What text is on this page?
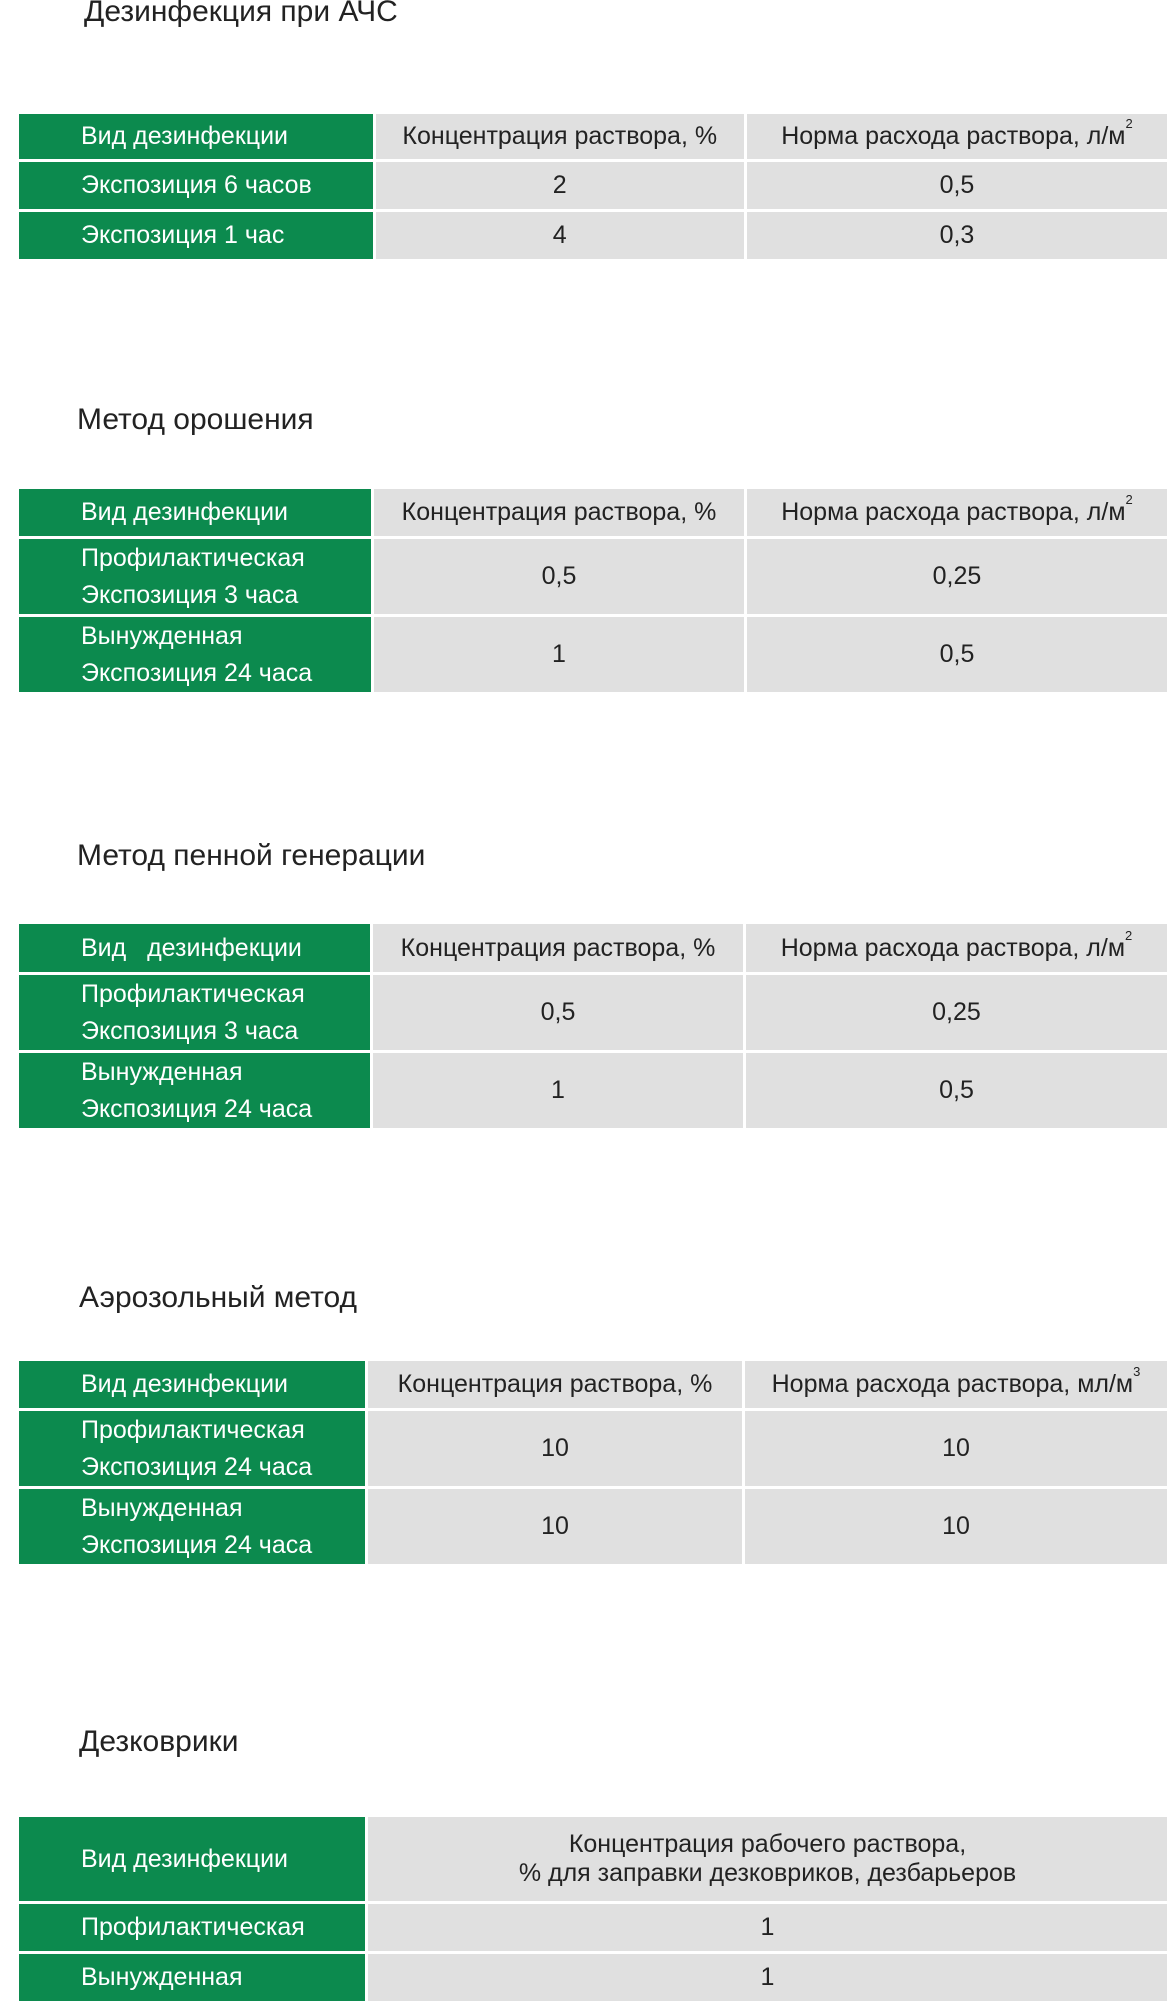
Дезинфекция при АЧС
Вид дезинфекции	Концентрация раствора, %	Норма расхода раствора, $л/м^2$
Экспозиция 6 часов	2	0,5
Экспозиция 1 час	4	0,3
Метод орошения
Вид дезинфекции	Концентрация раствора, %	Норма расхода раствора, $л/м^2$

Профилактическая
Экспозиция 3 часа	0,5	0,25

Вынужденная
Экспозиция 24 часа	1	0,5
Метод пенной генерации
Вид   дезинфекции	Концентрация раствора, %	Норма расхода раствора, $л/м^2$

Профилактическая
Экспозиция 3 часа	0,5	0,25

Вынужденная
Экспозиция 24 часа	1	0,5
Аэрозольный метод
Вид дезинфекции	Концентрация раствора, %	Норма расхода раствора, $мл/м^3$

Профилактическая
Экспозиция 24 часа	10	10

Вынужденная
Экспозиция 24 часа	10	10
Дезковрики
Вид дезинфекции	Концентрация рабочего раствора,
% для заправки дезковриков, дезбарьеров

Профилактическая	1
Вынужденная	1
